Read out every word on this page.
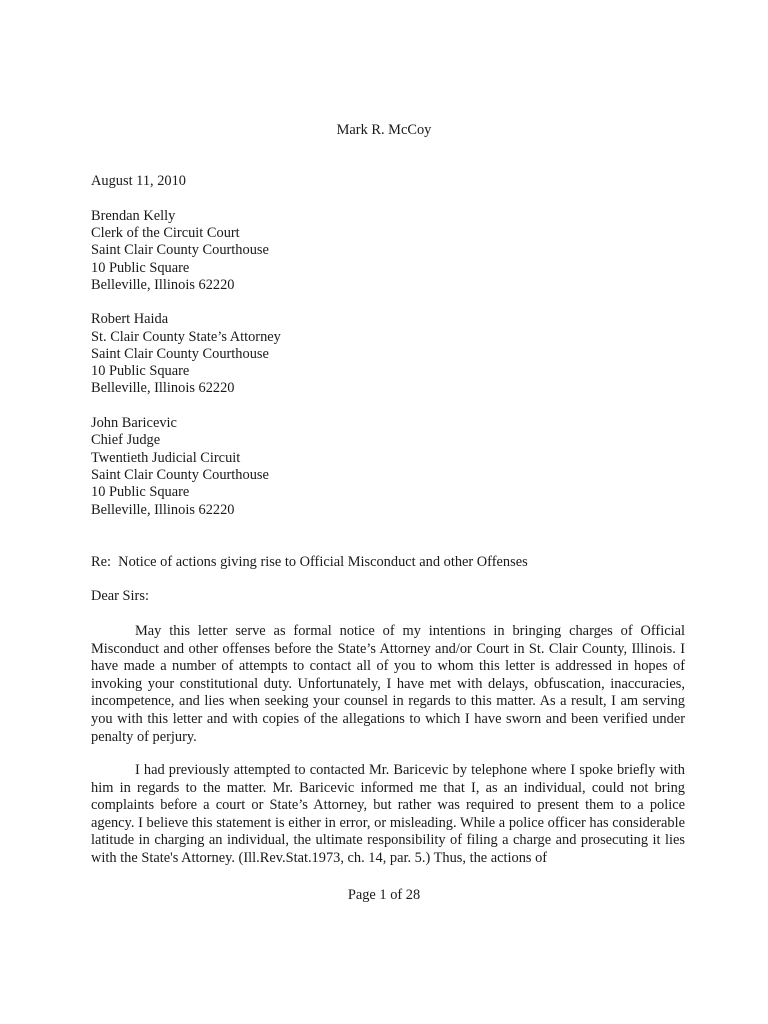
Mark R. McCoy
August 11, 2010
Brendan Kelly
Clerk of the Circuit Court
Saint Clair County Courthouse
10 Public Square
Belleville, Illinois 62220
Robert Haida
St. Clair County State’s Attorney
Saint Clair County Courthouse
10 Public Square
Belleville, Illinois 62220
John Baricevic
Chief Judge
Twentieth Judicial Circuit
Saint Clair County Courthouse
10 Public Square
Belleville, Illinois 62220
Re:  Notice of actions giving rise to Official Misconduct and other Offenses
Dear Sirs:

May this letter serve as formal notice of my intentions in bringing charges of Official Misconduct and other offenses before the State’s Attorney and/or Court in St. Clair County, Illinois. I have made a number of attempts to contact all of you to whom this letter is addressed in hopes of invoking your constitutional duty. Unfortunately, I have met with delays, obfuscation, inaccuracies, incompetence, and lies when seeking your counsel in regards to this matter. As a result, I am serving you with this letter and with copies of the allegations to which I have sworn and been verified under penalty of perjury.

I had previously attempted to contacted Mr. Baricevic by telephone where I spoke briefly with him in regards to the matter. Mr. Baricevic informed me that I, as an individual, could not bring complaints before a court or State’s Attorney, but rather was required to present them to a police agency. I believe this statement is either in error, or misleading. While a police officer has considerable latitude in charging an individual, the ultimate responsibility of filing a charge and prosecuting it lies with the State's Attorney. (Ill.Rev.Stat.1973, ch. 14, par. 5.) Thus, the actions of

Page 1 of 28
